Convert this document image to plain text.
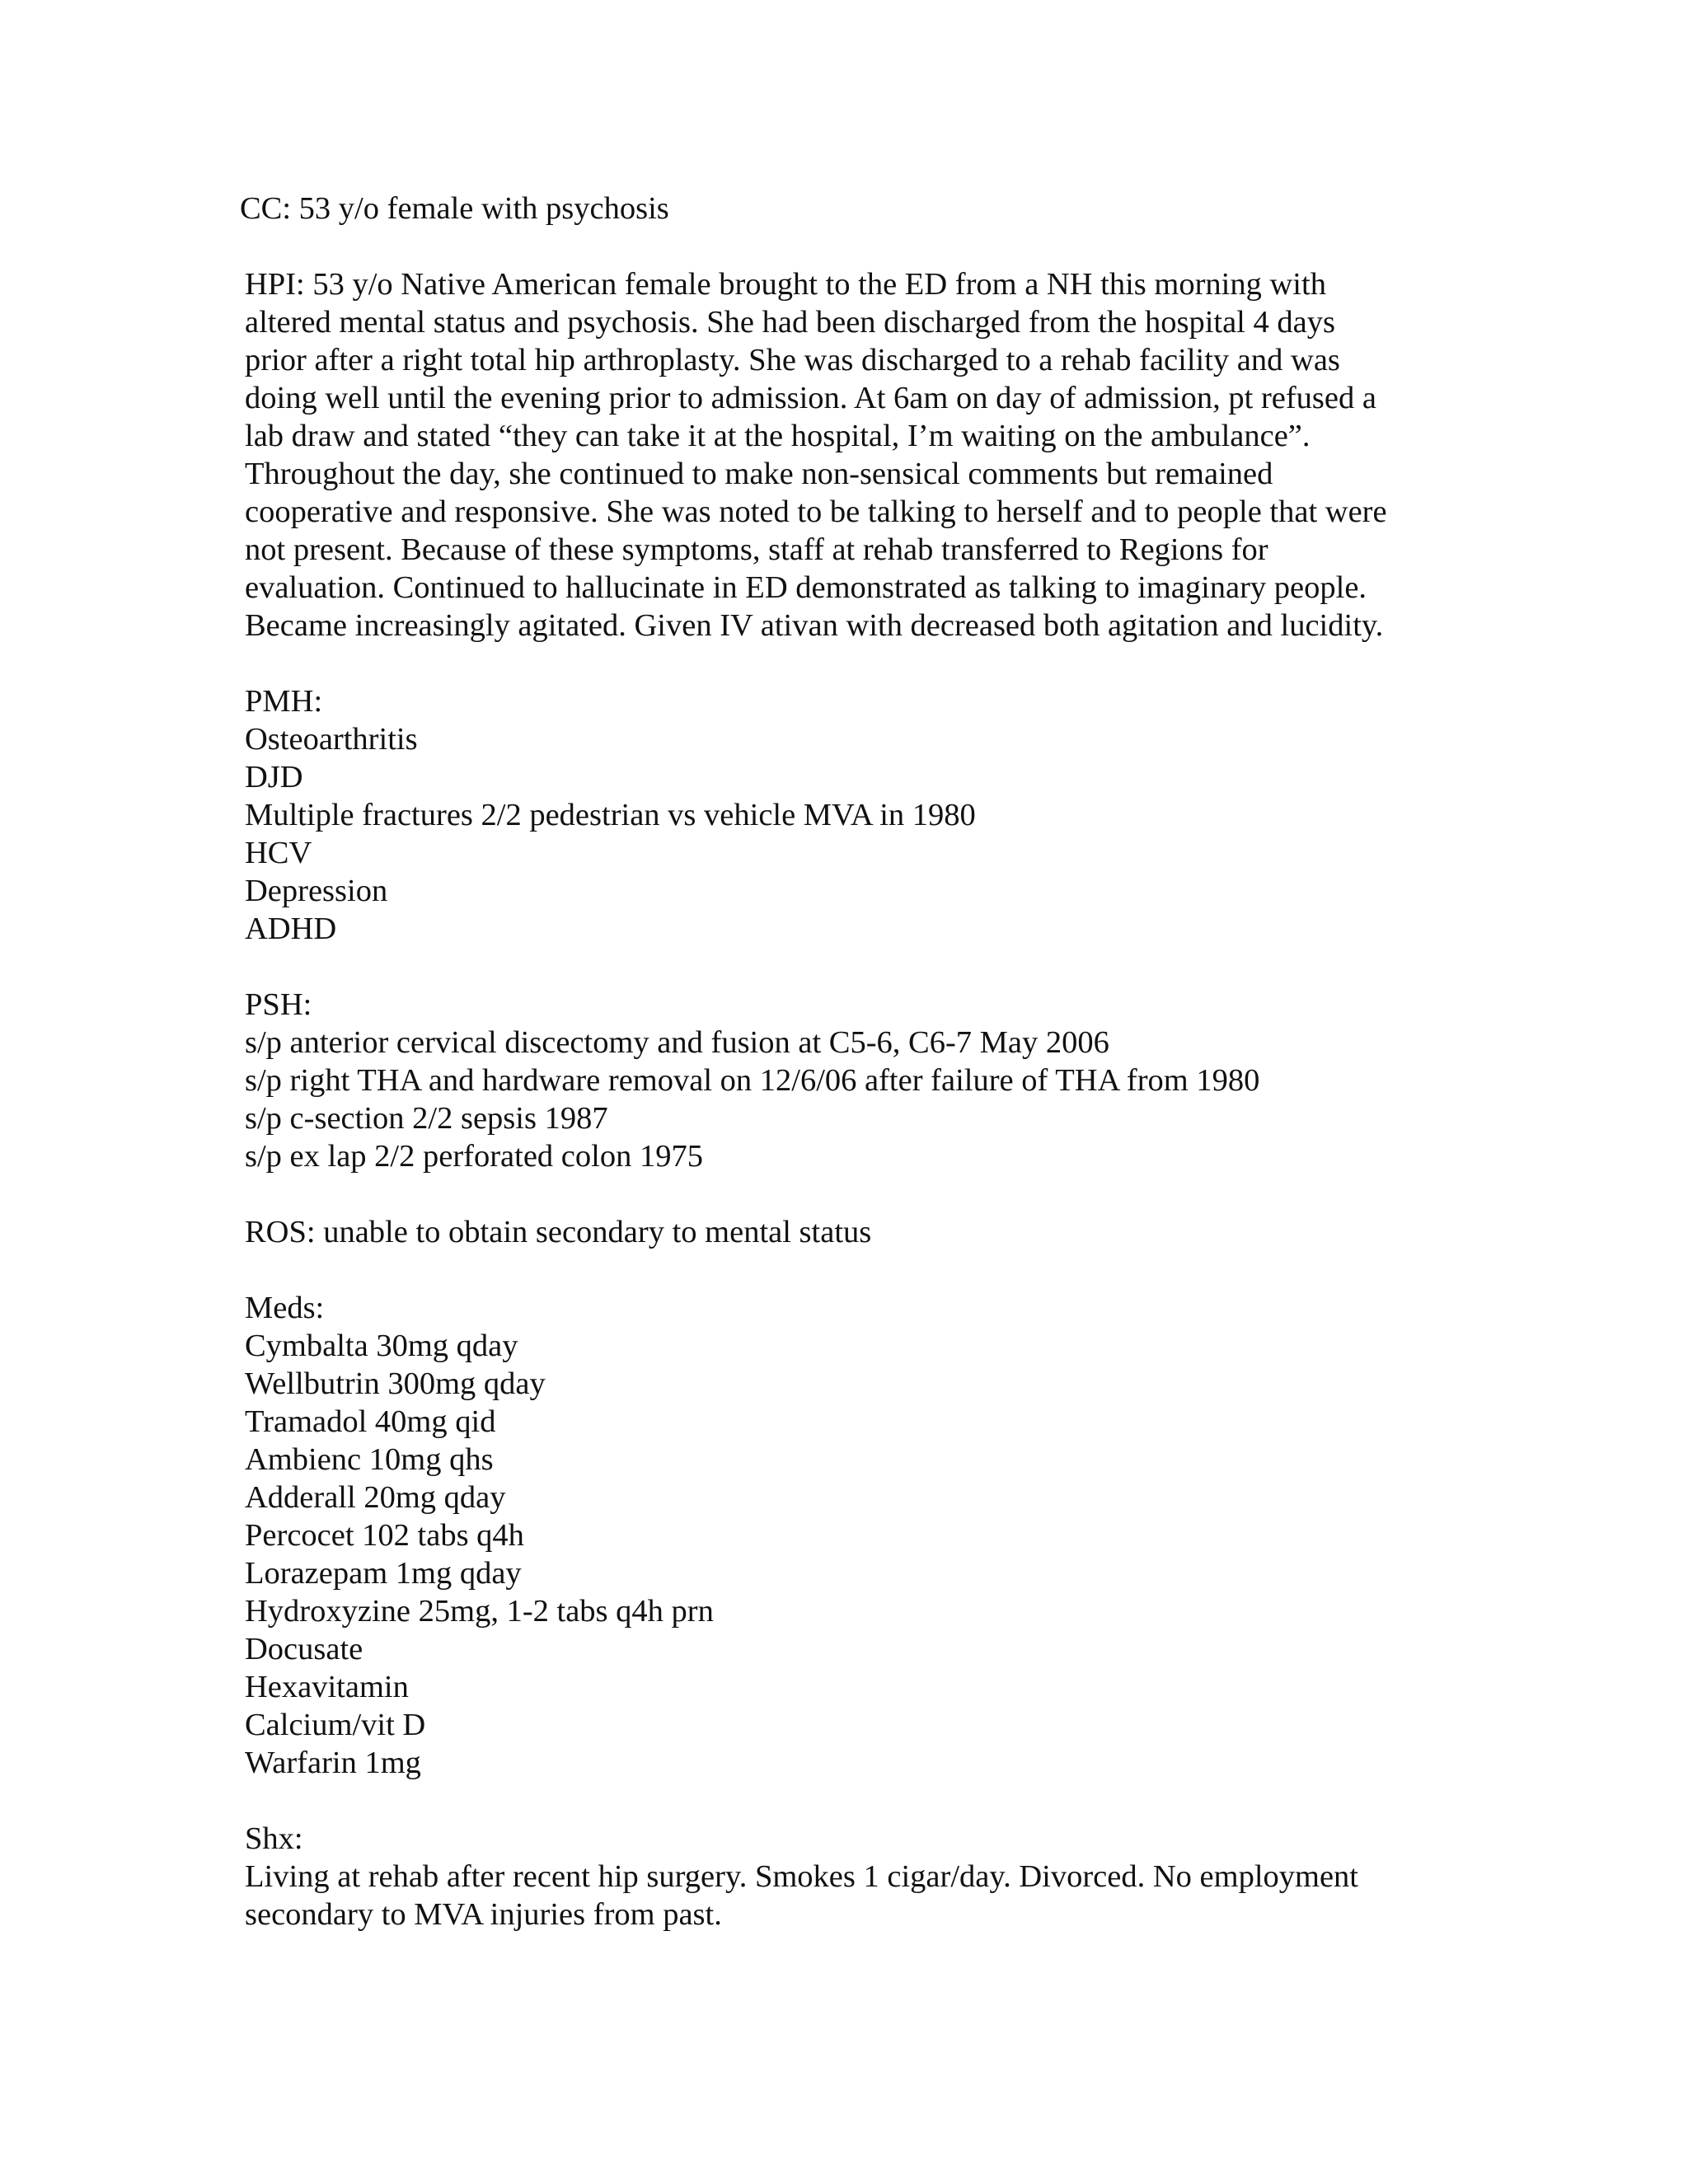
CC: 53 y/o female with psychosis
HPI: 53 y/o Native American female brought to the ED from a NH this morning with
altered mental status and psychosis. She had been discharged from the hospital 4 days
prior after a right total hip arthroplasty. She was discharged to a rehab facility and was
doing well until the evening prior to admission. At 6am on day of admission, pt refused a
lab draw and stated “they can take it at the hospital, I’m waiting on the ambulance”.
Throughout the day, she continued to make non-sensical comments but remained
cooperative and responsive. She was noted to be talking to herself and to people that were
not present. Because of these symptoms, staff at rehab transferred to Regions for
evaluation. Continued to hallucinate in ED demonstrated as talking to imaginary people.
Became increasingly agitated. Given IV ativan with decreased both agitation and lucidity.
PMH:
Osteoarthritis
DJD
Multiple fractures 2/2 pedestrian vs vehicle MVA in 1980
HCV
Depression
ADHD
PSH:
s/p anterior cervical discectomy and fusion at C5-6, C6-7 May 2006
s/p right THA and hardware removal on 12/6/06 after failure of THA from 1980
s/p c-section 2/2 sepsis 1987
s/p ex lap 2/2 perforated colon 1975
ROS: unable to obtain secondary to mental status
Meds:
Cymbalta 30mg qday
Wellbutrin 300mg qday
Tramadol 40mg qid
Ambienc 10mg qhs
Adderall 20mg qday
Percocet 102 tabs q4h
Lorazepam 1mg qday
Hydroxyzine 25mg, 1-2 tabs q4h prn
Docusate
Hexavitamin
Calcium/vit D
Warfarin 1mg
Shx:
Living at rehab after recent hip surgery. Smokes 1 cigar/day. Divorced. No employment
secondary to MVA injuries from past.
